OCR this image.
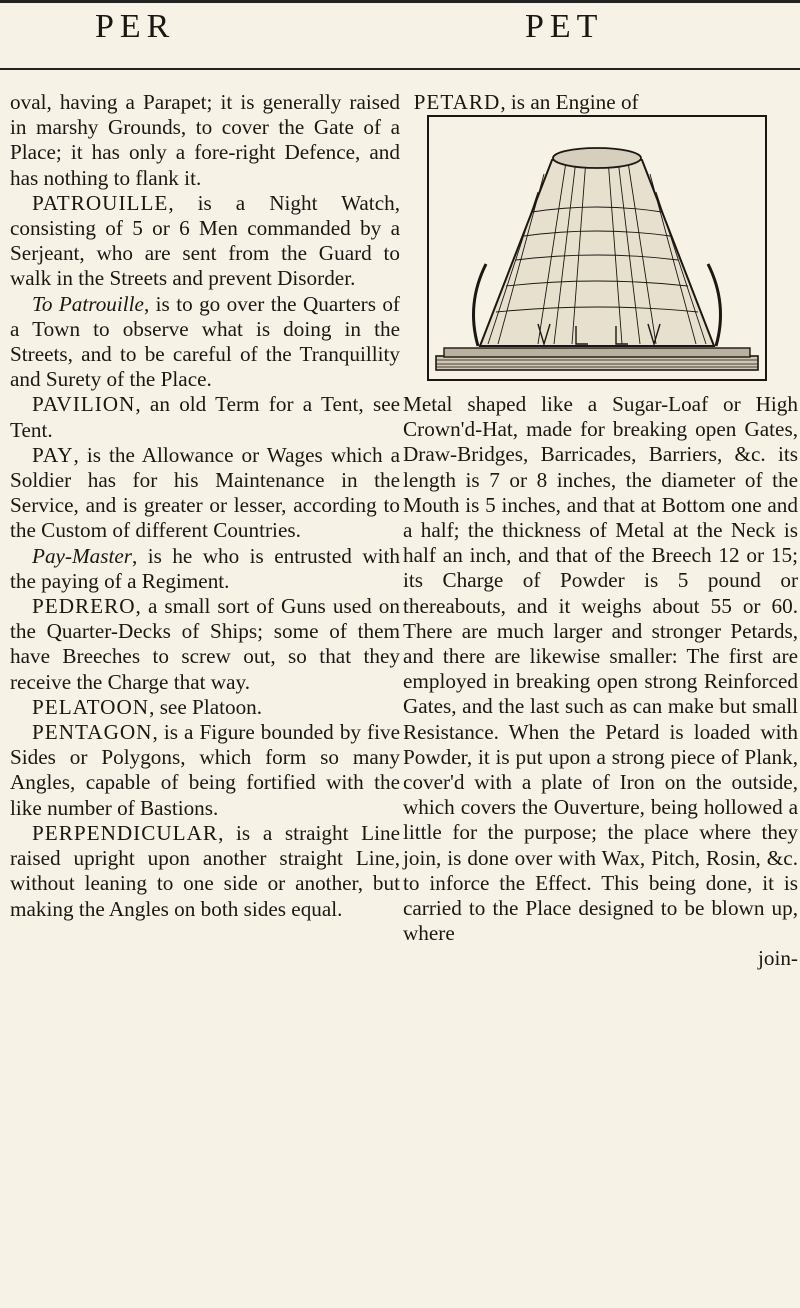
PER	PET

oval, having a Parapet; it is generally raised in marshy Grounds, to cover the Gate of a Place; it has only a fore-right Defence, and has nothing to flank it.

PATROUILLE, is a Night Watch, consisting of 5 or 6 Men commanded by a Serjeant, who are sent from the Guard to walk in the Streets and prevent Disorder.

To Patrouille, is to go over the Quarters of a Town to observe what is doing in the Streets, and to be careful of the Tranquillity and Surety of the Place.

PAVILION, an old Term for a Tent, see Tent.

PAY, is the Allowance or Wages which a Soldier has for his Maintenance in the Service, and is greater or lesser, according to the Custom of different Countries.

Pay-Master, is he who is entrusted with the paying of a Regiment.

PEDRERO, a small sort of Guns used on the Quarter-Decks of Ships; some of them have Breeches to screw out, so that they receive the Charge that way.

PELATOON, see Platoon.

PENTAGON, is a Figure bounded by five Sides or Polygons, which form so many Angles, capable of being fortified with the like number of Bastions.

PERPENDICULAR, is a straight Line raised upright upon another straight Line, without leaning to one side or another, but making the Angles on both sides equal.

PETARD, is an Engine of

Metal shaped like a Sugar-Loaf or High Crown'd-Hat, made for breaking open Gates, Draw-Bridges, Barricades, Barriers, &c. its length is 7 or 8 inches, the diameter of the Mouth is 5 inches, and that at Bottom one and a half; the thickness of Metal at the Neck is half an inch, and that of the Breech 12 or 15; its Charge of Powder is 5 pound or thereabouts, and it weighs about 55 or 60. There are much larger and stronger Petards, and there are likewise smaller: The first are employed in breaking open strong Reinforced Gates, and the last such as can make but small Resistance. When the Petard is loaded with Powder, it is put upon a strong piece of Plank, cover'd with a plate of Iron on the outside, which covers the Ouverture, being hollowed a little for the purpose; the place where they join, is done over with Wax, Pitch, Rosin, &c. to inforce the Effect. This being done, it is carried to the Place designed to be blown up, where

join-
